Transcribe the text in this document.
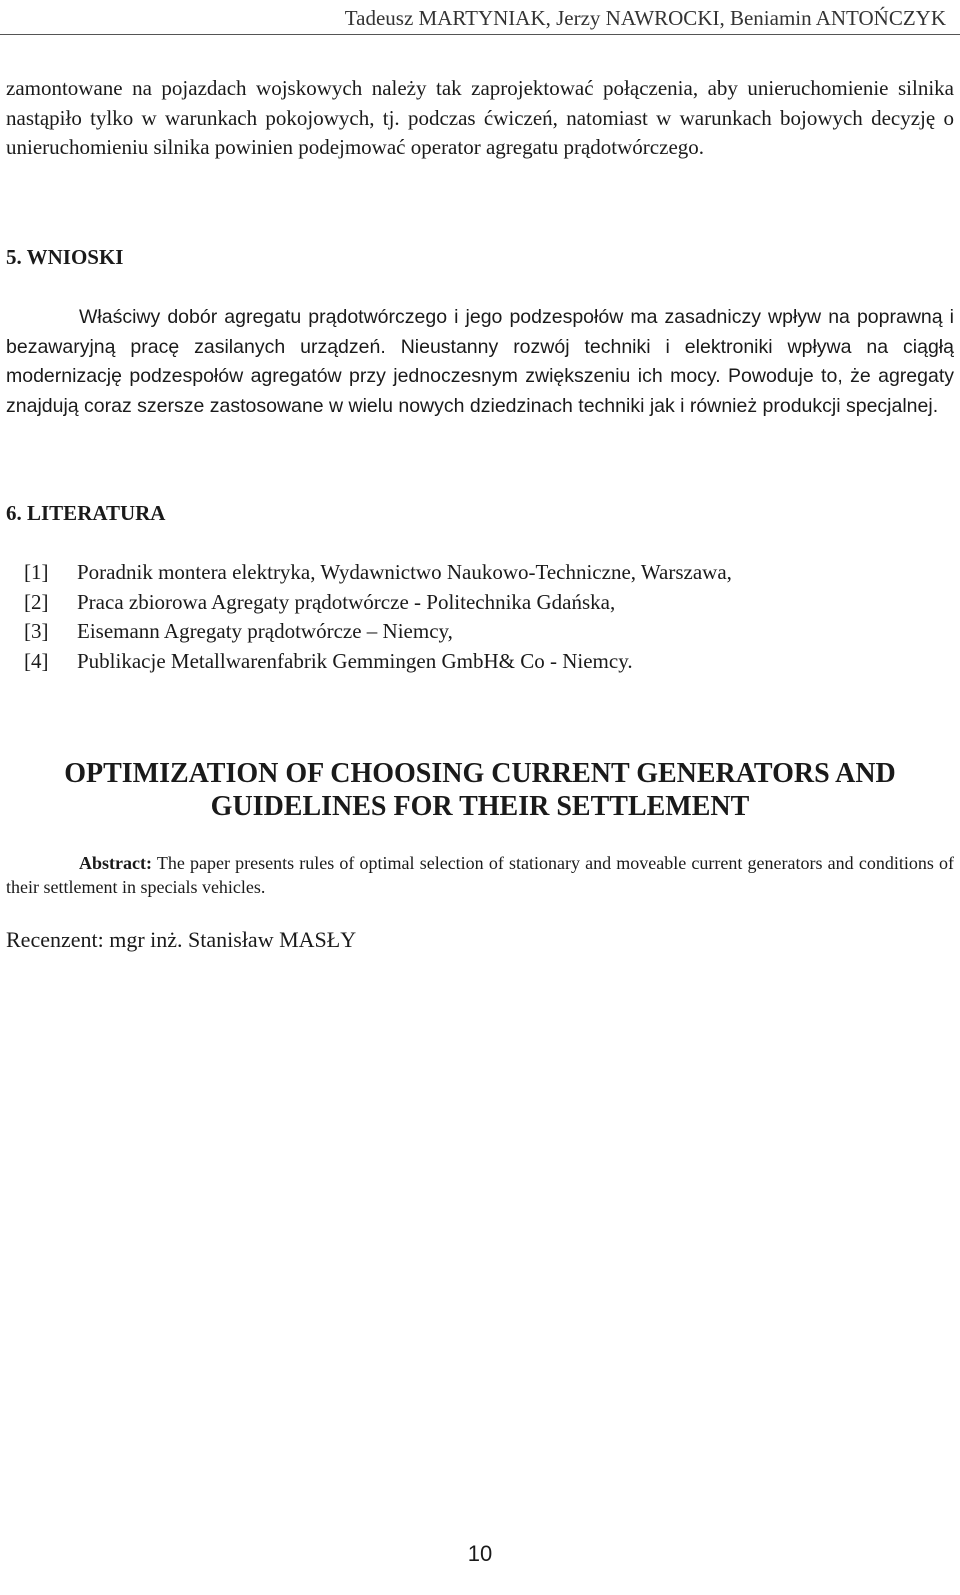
Tadeusz MARTYNIAK, Jerzy NAWROCKI, Beniamin ANTOŃCZYK

zamontowane na pojazdach wojskowych należy tak zaprojektować połączenia, aby unieruchomienie silnika nastąpiło tylko w warunkach pokojowych, tj. podczas ćwiczeń, natomiast w warunkach bojowych decyzję o unieruchomieniu silnika powinien podejmować operator agregatu prądotwórczego.

5. WNIOSKI

Właściwy dobór agregatu prądotwórczego i jego podzespołów ma zasadniczy wpływ na poprawną i bezawaryjną pracę zasilanych urządzeń. Nieustanny rozwój techniki i elektroniki wpływa na ciągłą modernizację podzespołów agregatów przy jednoczesnym zwiększeniu ich mocy. Powoduje to, że agregaty znajdują coraz szersze zastosowane w wielu nowych dziedzinach techniki jak i również produkcji specjalnej.

6. LITERATURA
[1]	Poradnik montera elektryka, Wydawnictwo Naukowo-Techniczne, Warszawa,
[2]	Praca zbiorowa Agregaty prądotwórcze - Politechnika Gdańska,
[3]	Eisemann Agregaty prądotwórcze – Niemcy,
[4]	Publikacje Metallwarenfabrik Gemmingen GmbH& Co - Niemcy.
OPTIMIZATION OF CHOOSING CURRENT GENERATORS AND
GUIDELINES FOR THEIR SETTLEMENT

Abstract: The paper presents rules of optimal selection of stationary and moveable current generators and conditions of their settlement in specials vehicles.

Recenzent: mgr inż. Stanisław MASŁY

10
